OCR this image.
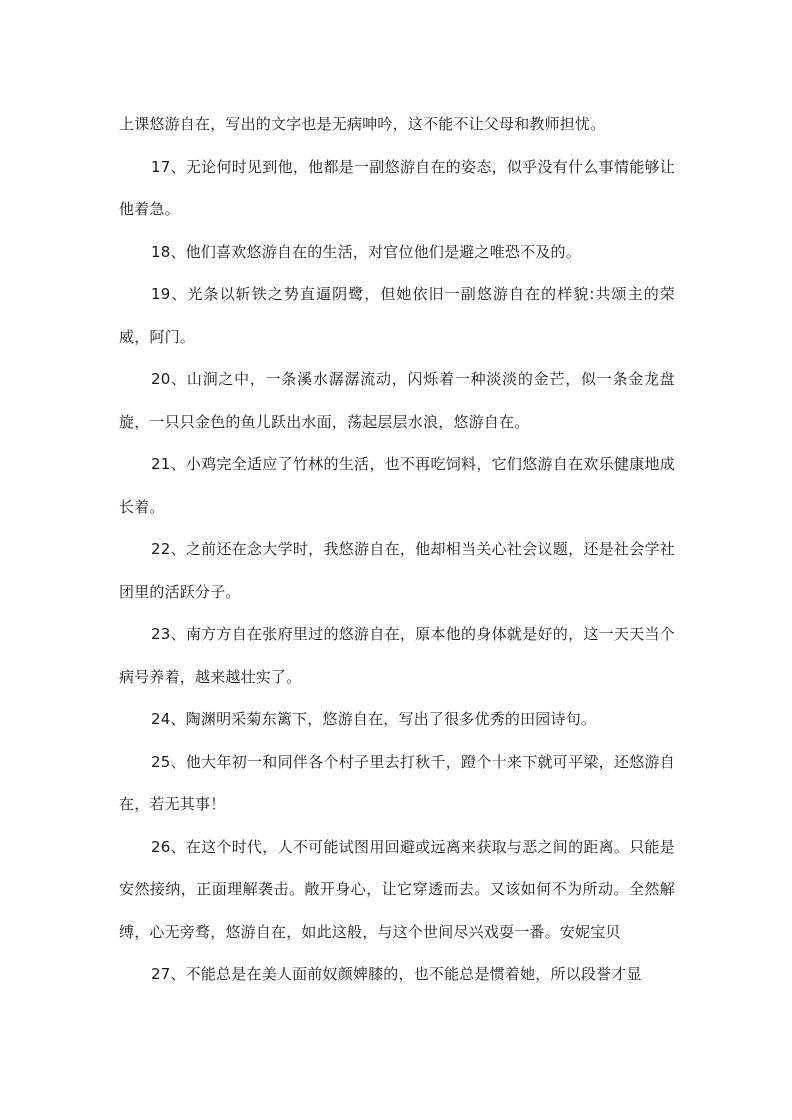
上课悠游自在，写出的文字也是无病呻吟，这不能不让父母和教师担忧。

17、无论何时见到他，他都是一副悠游自在的姿态，似乎没有什么事情能够让他着急。

18、他们喜欢悠游自在的生活，对官位他们是避之唯恐不及的。

19、光条以斩铁之势直逼阴鹭，但她依旧一副悠游自在的样貌:共颂主的荣威，阿门。

20、山涧之中，一条溪水潺潺流动，闪烁着一种淡淡的金芒，似一条金龙盘旋，一只只金色的鱼儿跃出水面，荡起层层水浪，悠游自在。

21、小鸡完全适应了竹林的生活，也不再吃饲料，它们悠游自在欢乐健康地成长着。

22、之前还在念大学时，我悠游自在，他却相当关心社会议题，还是社会学社团里的活跃分子。

23、南方方自在张府里过的悠游自在，原本他的身体就是好的，这一天天当个病号养着，越来越壮实了。

24、陶渊明采菊东篱下，悠游自在，写出了很多优秀的田园诗句。

25、他大年初一和同伴各个村子里去打秋千，蹬个十来下就可平梁，还悠游自在，若无其事！

26、在这个时代，人不可能试图用回避或远离来获取与恶之间的距离。只能是安然接纳，正面理解袭击。敞开身心，让它穿透而去。又该如何不为所动。全然解缚，心无旁骛，悠游自在，如此这般，与这个世间尽兴戏耍一番。安妮宝贝

27、不能总是在美人面前奴颜婢膝的，也不能总是惯着她，所以段誉才显
